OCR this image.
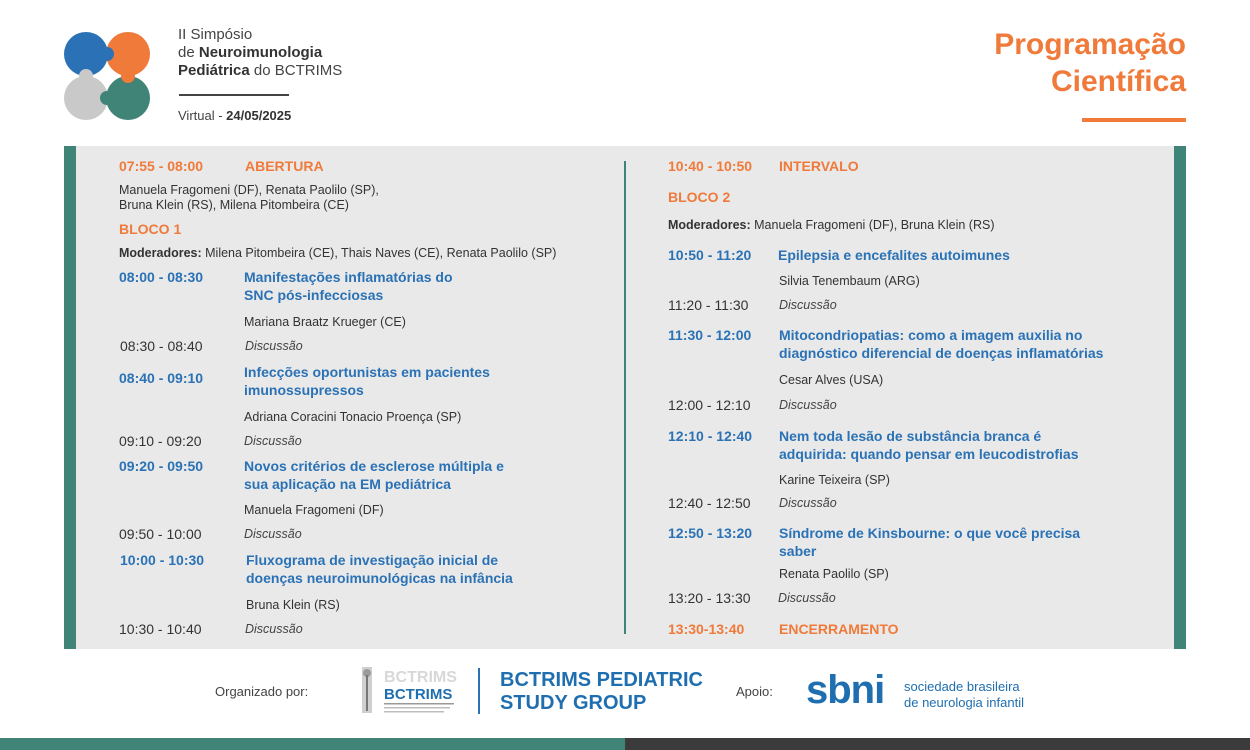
II Simpósio
de Neuroimunologia
Pediátrica do BCTRIMS
Virtual - 24/05/2025
Programação
Científica
07:55 - 08:00	ABERTURA
Manuela Fragomeni (DF), Renata Paolilo (SP),
Bruna Klein (RS), Milena Pitombeira (CE)
BLOCO 1
Moderadores: Milena Pitombeira (CE), Thais Naves (CE), Renata Paolilo (SP)
08:00 - 08:30	Manifestações inflamatórias do
SNC pós-infecciosas
Mariana Braatz Krueger (CE)
08:30 - 08:40	Discussão
08:40 - 09:10	Infecções oportunistas em pacientes
imunossupressos
Adriana Coracini Tonacio Proença (SP)
09:10 - 09:20	Discussão
09:20 - 09:50	Novos critérios de esclerose múltipla e
sua aplicação na EM pediátrica
Manuela Fragomeni (DF)
09:50 - 10:00	Discussão
10:00 - 10:30	Fluxograma de investigação inicial de
doenças neuroimunológicas na infância
Bruna Klein (RS)
10:30 - 10:40	Discussão
10:40 - 10:50 INTERVALO
BLOCO 2
Moderadores: Manuela Fragomeni (DF), Bruna Klein (RS)
10:50 - 11:20 Epilepsia e encefalites autoimunes
Silvia Tenembaum (ARG)
11:20 - 11:30 Discussão
11:30 - 12:00 Mitocondriopatias: como a imagem auxilia no
diagnóstico diferencial de doenças inflamatórias
Cesar Alves (USA)
12:00 - 12:10 Discussão
12:10 - 12:40 Nem toda lesão de substância branca é
adquirida: quando pensar em leucodistrofias
Karine Teixeira (SP)
12:40 - 12:50 Discussão
12:50 - 13:20 Síndrome de Kinsbourne: o que você precisa
saber
Renata Paolilo (SP)
13:20 - 13:30 Discussão
13:30-13:40 ENCERRAMENTO
Organizado por:
BCTRIMS
BCTRIMS
BCTRIMS PEDIATRIC
STUDY GROUP
Apoio: sbni sociedade brasileira
de neurologia infantil
